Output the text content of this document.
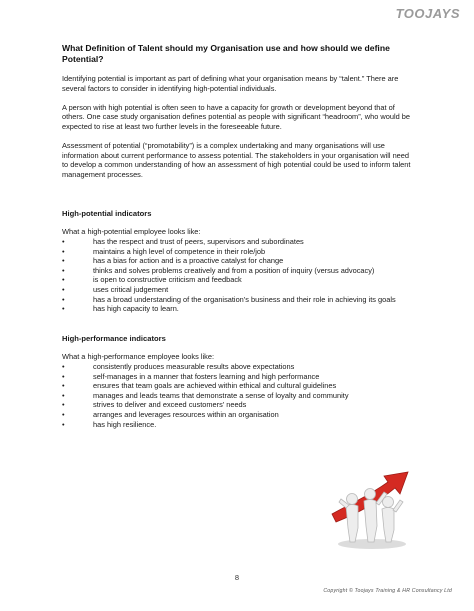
TOOJAYS
What Definition of Talent should my Organisation use and how should we define Potential?

Identifying potential is important as part of defining what your organisation means by “talent.” There are several factors to consider in identifying high-potential individuals.

A person with high potential is often seen to have a capacity for growth or development beyond that of others. One case study organisation defines potential as people with significant “headroom”, who would be expected to rise at least two further levels in the foreseeable future.

Assessment of potential (“promotability”) is a complex undertaking and many organisations will use information about current performance to assess potential. The stakeholders in your organisation will need to develop a common understanding of how an assessment of high potential could be used to inform talent management processes.

High-potential indicators

What a high-potential employee looks like:

•	has the respect and trust of peers, supervisors and subordinates
•	maintains a high level of competence in their role/job
•	has a bias for action and is a proactive catalyst for change
•	thinks and solves problems creatively and from a position of inquiry (versus advocacy)
•	is open to constructive criticism and feedback
•	uses critical judgement
•	has a broad understanding of the organisation’s business and their role in achieving its goals
•	has high capacity to learn.
High-performance indicators

What a high-performance employee looks like:

•	consistently produces measurable results above expectations
•	self-manages in a manner that fosters learning and high performance
•	ensures that team goals are achieved within ethical and cultural guidelines
•	manages and leads teams that demonstrate a sense of loyalty and community
•	strives to deliver and exceed customers’ needs
•	arranges and leverages resources within an organisation
•	has high resilience.
8
Copyright © Toojays Training & HR Consultancy Ltd
